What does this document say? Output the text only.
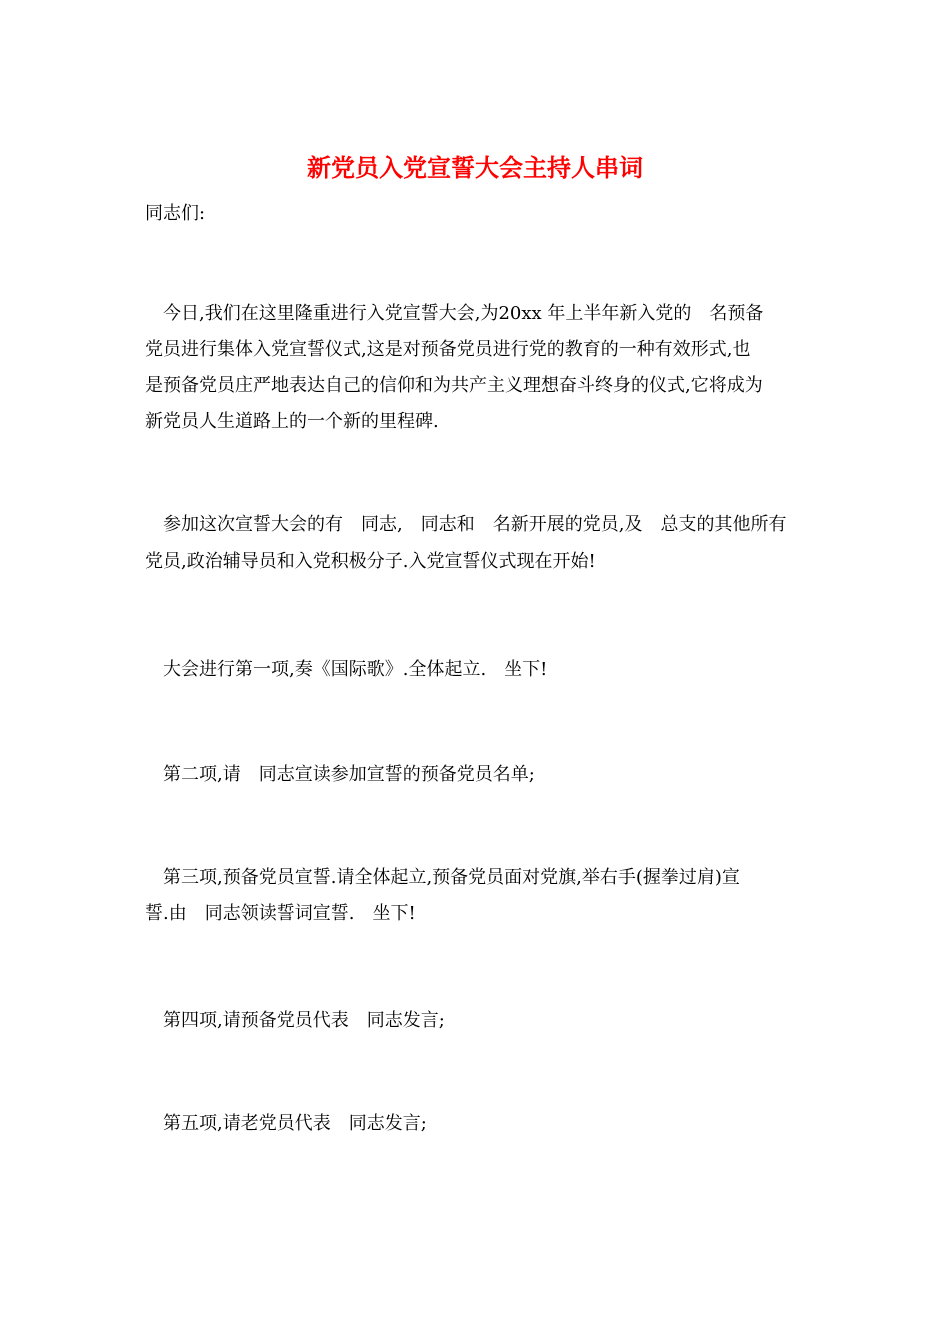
新党员入党宣誓大会主持人串词

同志们:

　今日,我们在这里隆重进行入党宣誓大会,为20xx 年上半年新入党的　名预备

党员进行集体入党宣誓仪式,这是对预备党员进行党的教育的一种有效形式,也

是预备党员庄严地表达自己的信仰和为共产主义理想奋斗终身的仪式,它将成为

新党员人生道路上的一个新的里程碑.

　参加这次宣誓大会的有　同志,　同志和　名新开展的党员,及　总支的其他所有

党员,政治辅导员和入党积极分子.入党宣誓仪式现在开始!

　大会进行第一项,奏《国际歌》.全体起立.　坐下!

　第二项,请　同志宣读参加宣誓的预备党员名单;

　第三项,预备党员宣誓.请全体起立,预备党员面对党旗,举右手(握拳过肩)宣

誓.由　同志领读誓词宣誓.　坐下!

　第四项,请预备党员代表　同志发言;

　第五项,请老党员代表　同志发言;
